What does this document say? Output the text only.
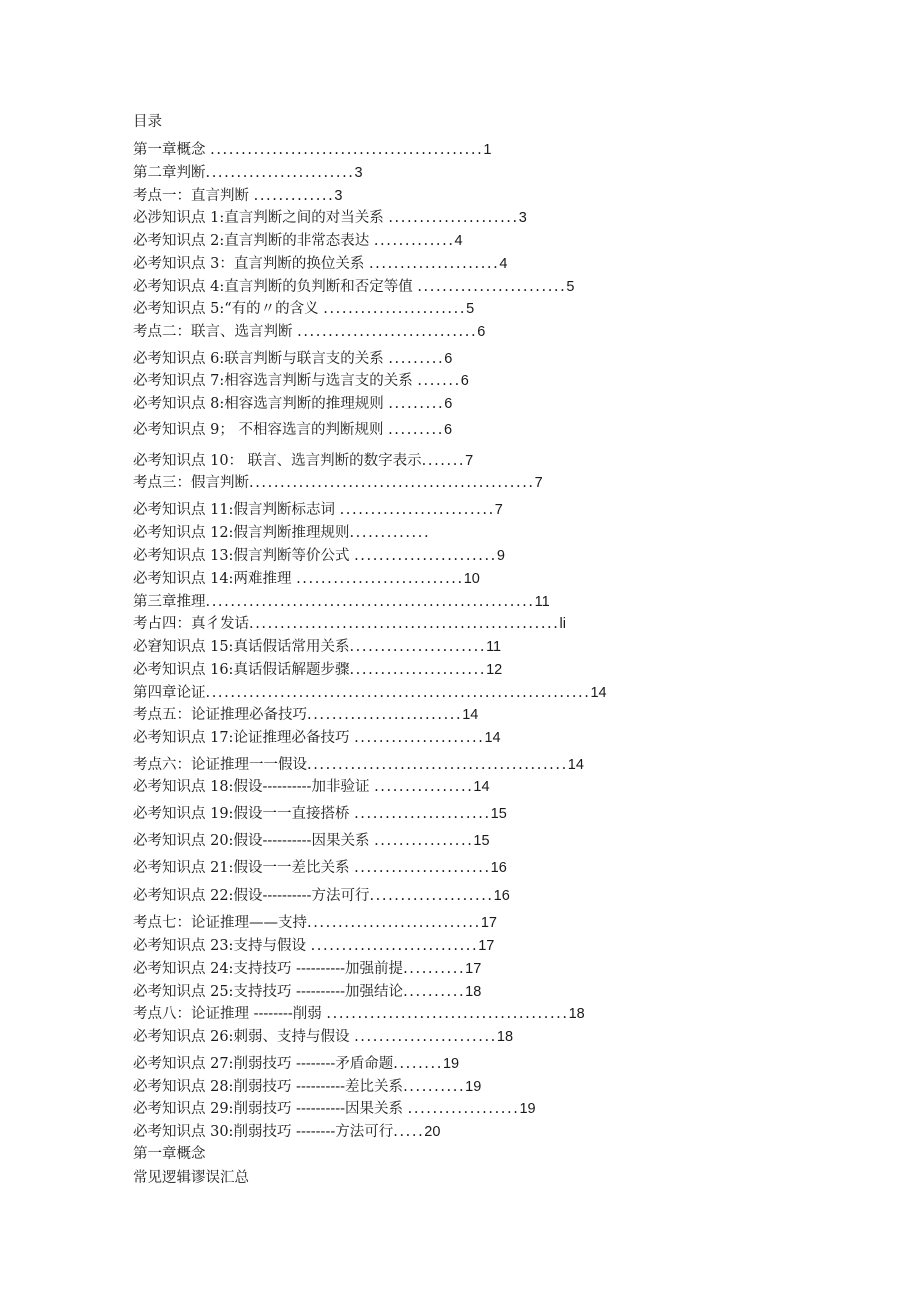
目录
第一章概念 ............................................1
第二章判断........................3
考点一：直言判断 .............3
必涉知识点 1:直言判断之间的对当关系 .....................3
必考知识点 2:直言判断的非常态表达 .............4
必考知识点 3：直言判断的换位关系 .....................4
必考知识点 4:直言判断的负判断和否定等值 ........................5
必考知识点 5:“有的〃的含义 .......................5
考点二：联言、选言判断 .............................6
必考知识点 6:联言判断与联言支的关系 .........6
必考知识点 7:相容选言判断与选言支的关系 .......6
必考知识点 8:相容选言判断的推理规则 .........6
必考知识点 9； 不相容选言的判断规则 .........6
必考知识点 10： 联言、选言判断的数字表示.......7
考点三：假言判断..............................................7
必考知识点 11:假言判断标志词 .........................7
必考知识点 12:假言判断推理规则.............
必考知识点 13:假言判断等价公式 .......................9
必考知识点 14:两难推理 ...........................10
第三章推理.....................................................11
考占四：真彳发话..................................................li
必窘知识点 15:真话假话常用关系......................11
必考知识点 16:真话假话解题步骤......................12
第四章论证..............................................................14
考点五：论证推理必备技巧.........................14
必考知识点 17:论证推理必备技巧 .....................14
考点六：论证推理一一假设..........................................14
必考知识点 18:假设----------加非验证 ................14
必考知识点 19:假设一一直接搭桥 ......................15
必考知识点 20:假设----------因果关系 ................15
必考知识点 21:假设一一差比关系 ......................16
必考知识点 22:假设----------方法可行....................16
考点七：论证推理——支持............................17
必考知识点 23:支持与假设 ...........................17
必考知识点 24:支持技巧 ----------加强前提..........17
必考知识点 25:支持技巧 ----------加强结论..........18
考点八：论证推理 --------削弱 .......................................18
必考知识点 26:刺弱、支持与假设 .......................18
必考知识点 27:削弱技巧 --------矛盾命题........19
必考知识点 28:削弱技巧 ----------差比关系..........19
必考知识点 29:削弱技巧 ----------因果关系 ..................19
必考知识点 30:削弱技巧 --------方法可行.....20
第一章概念
常见逻辑谬误汇总
